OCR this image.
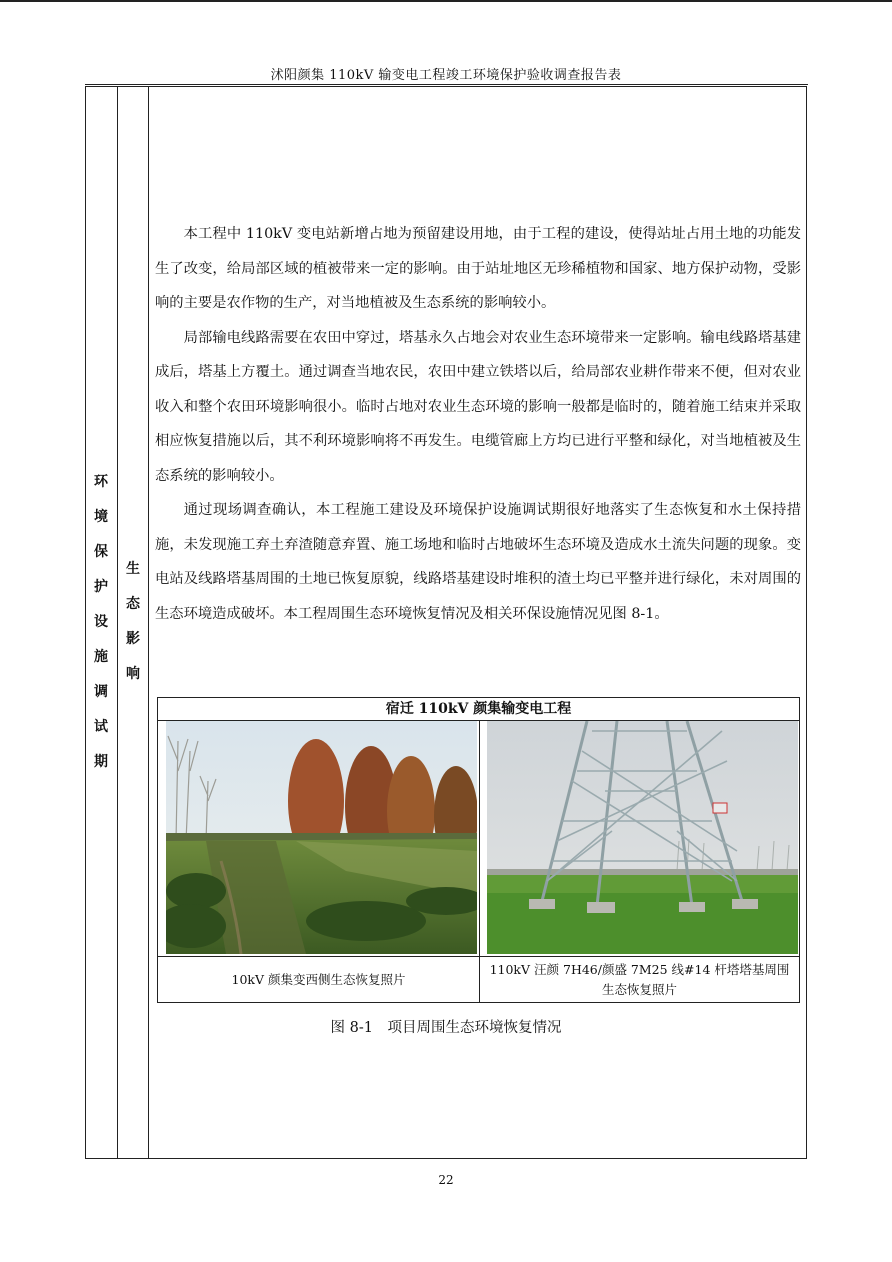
沭阳颜集 110kV 输变电工程竣工环境保护验收调查报告表
环
境
保
护
设
施
调
试
期
生
态
影
响

本工程中 110kV 变电站新增占地为预留建设用地，由于工程的建设，使得站址占用土地的功能发生了改变，给局部区域的植被带来一定的影响。由于站址地区无珍稀植物和国家、地方保护动物，受影响的主要是农作物的生产，对当地植被及生态系统的影响较小。

局部输电线路需要在农田中穿过，塔基永久占地会对农业生态环境带来一定影响。输电线路塔基建成后，塔基上方覆土。通过调查当地农民，农田中建立铁塔以后，给局部农业耕作带来不便，但对农业收入和整个农田环境影响很小。临时占地对农业生态环境的影响一般都是临时的，随着施工结束并采取相应恢复措施以后，其不利环境影响将不再发生。电缆管廊上方均已进行平整和绿化，对当地植被及生态系统的影响较小。

通过现场调查确认，本工程施工建设及环境保护设施调试期很好地落实了生态恢复和水土保持措施，未发现施工弃土弃渣随意弃置、施工场地和临时占地破坏生态环境及造成水土流失问题的现象。变电站及线路塔基周围的土地已恢复原貌，线路塔基建设时堆积的渣土均已平整并进行绿化，未对周围的生态环境造成破坏。本工程周围生态环境恢复情况及相关环保设施情况见图 8-1。

宿迁 110kV 颜集输变电工程
10kV 颜集变西侧生态恢复照片
110kV 汪颜 7H46/颜盛 7M25 线#14 杆塔塔基周围生态恢复照片
图 8-1　项目周围生态环境恢复情况
22
